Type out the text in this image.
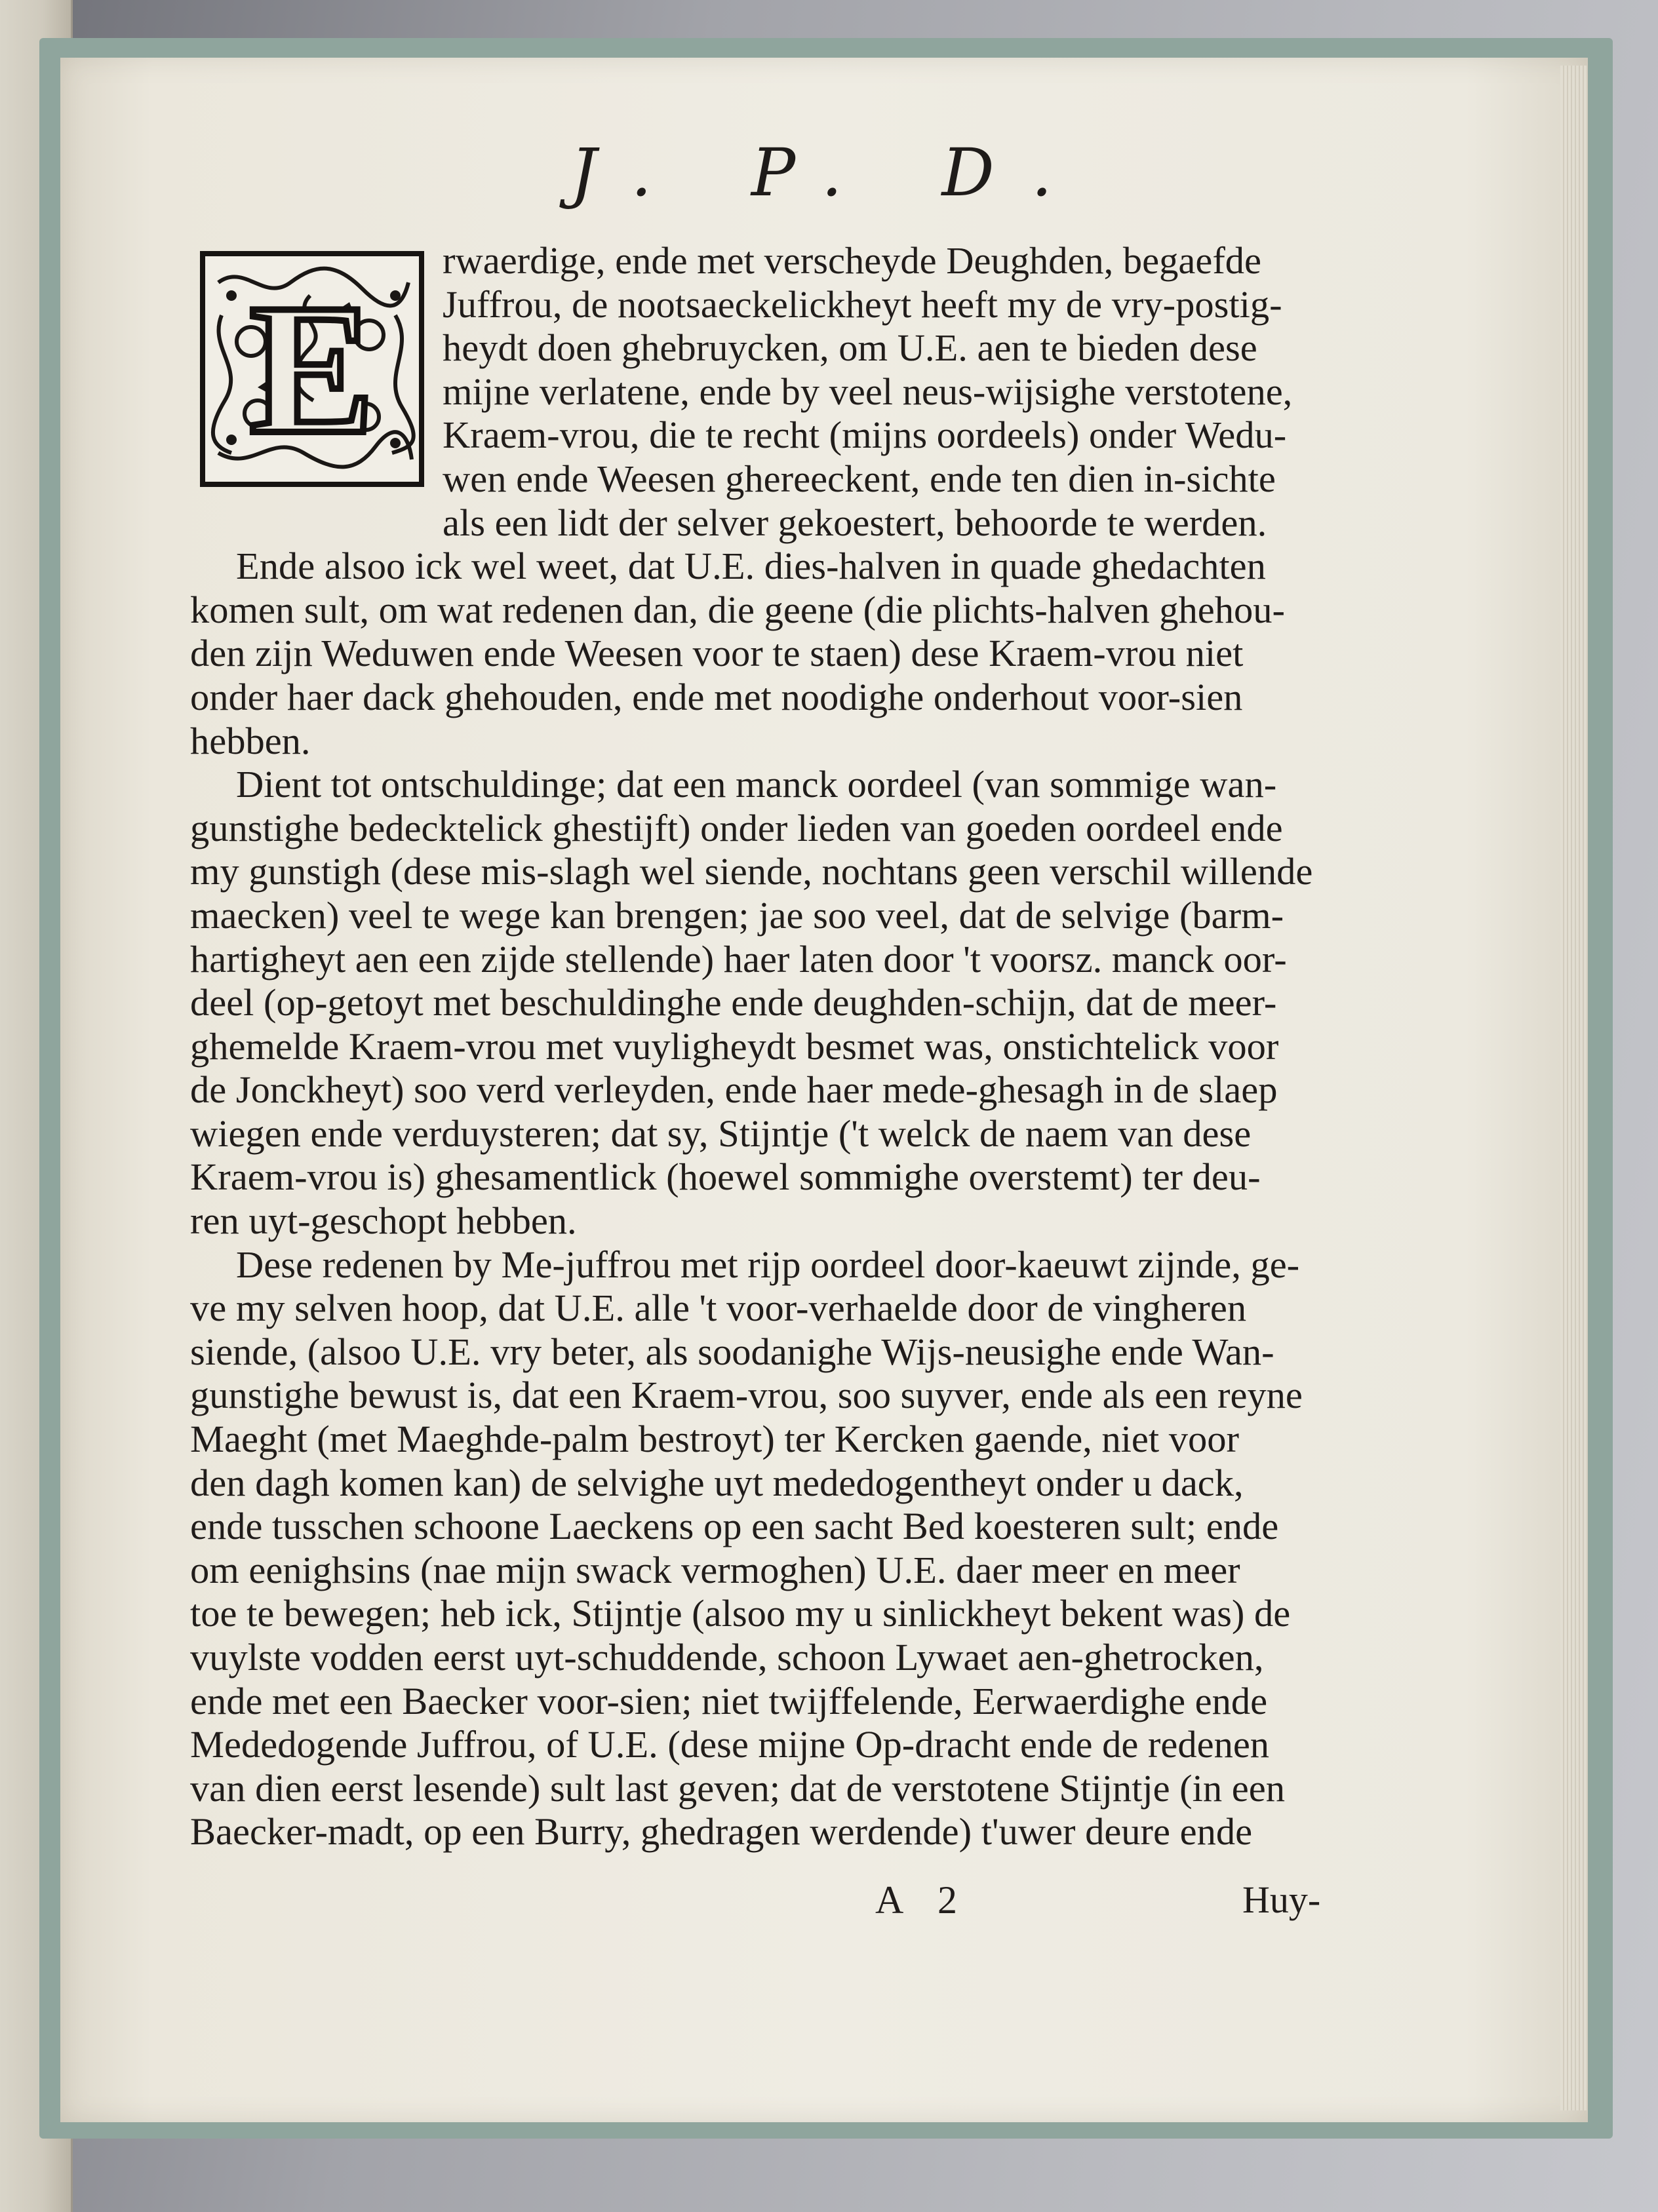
J. P. D.
E
rwaerdige, ende met verscheyde Deughden, begaefde
Juffrou, de nootsaeckelickheyt heeft my de vry-postig-
heydt doen ghebruycken, om U.E. aen te bieden dese
mijne verlatene, ende by veel neus-wijsighe verstotene,
Kraem-vrou, die te recht (mijns oordeels) onder Wedu-
wen ende Weesen ghereeckent, ende ten dien in-sichte
als een lidt der selver gekoestert, behoorde te werden.
Ende alsoo ick wel weet, dat U.E. dies-halven in quade ghedachten
komen sult, om wat redenen dan, die geene (die plichts-halven ghehou-
den zijn Weduwen ende Weesen voor te staen) dese Kraem-vrou niet
onder haer dack ghehouden, ende met noodighe onderhout voor-sien
hebben.
Dient tot ontschuldinge; dat een manck oordeel (van sommige wan-
gunstighe bedecktelick ghestijft) onder lieden van goeden oordeel ende
my gunstigh (dese mis-slagh wel siende, nochtans geen verschil willende
maecken) veel te wege kan brengen; jae soo veel, dat de selvige (barm-
hartigheyt aen een zijde stellende) haer laten door 't voorsz. manck oor-
deel (op-getoyt met beschuldinghe ende deughden-schijn, dat de meer-
ghemelde Kraem-vrou met vuyligheydt besmet was, onstichtelick voor
de Jonckheyt) soo verd verleyden, ende haer mede-ghesagh in de slaep
wiegen ende verduysteren; dat sy, Stijntje ('t welck de naem van dese
Kraem-vrou is) ghesamentlick (hoewel sommighe overstemt) ter deu-
ren uyt-geschopt hebben.
Dese redenen by Me-juffrou met rijp oordeel door-kaeuwt zijnde, ge-
ve my selven hoop, dat U.E. alle 't voor-verhaelde door de vingheren
siende, (alsoo U.E. vry beter, als soodanighe Wijs-neusighe ende Wan-
gunstighe bewust is, dat een Kraem-vrou, soo suyver, ende als een reyne
Maeght (met Maeghde-palm bestroyt) ter Kercken gaende, niet voor
den dagh komen kan) de selvighe uyt mededogentheyt onder u dack,
ende tusschen schoone Laeckens op een sacht Bed koesteren sult; ende
om eenighsins (nae mijn swack vermoghen) U.E. daer meer en meer
toe te bewegen; heb ick, Stijntje (alsoo my u sinlickheyt bekent was) de
vuylste vodden eerst uyt-schuddende, schoon Lywaet aen-ghetrocken,
ende met een Baecker voor-sien; niet twijffelende, Eerwaerdighe ende
Mededogende Juffrou, of U.E. (dese mijne Op-dracht ende de redenen
van dien eerst lesende) sult last geven; dat de verstotene Stijntje (in een
Baecker-madt, op een Burry, ghedragen werdende) t'uwer deure ende
A 2	Huy-
